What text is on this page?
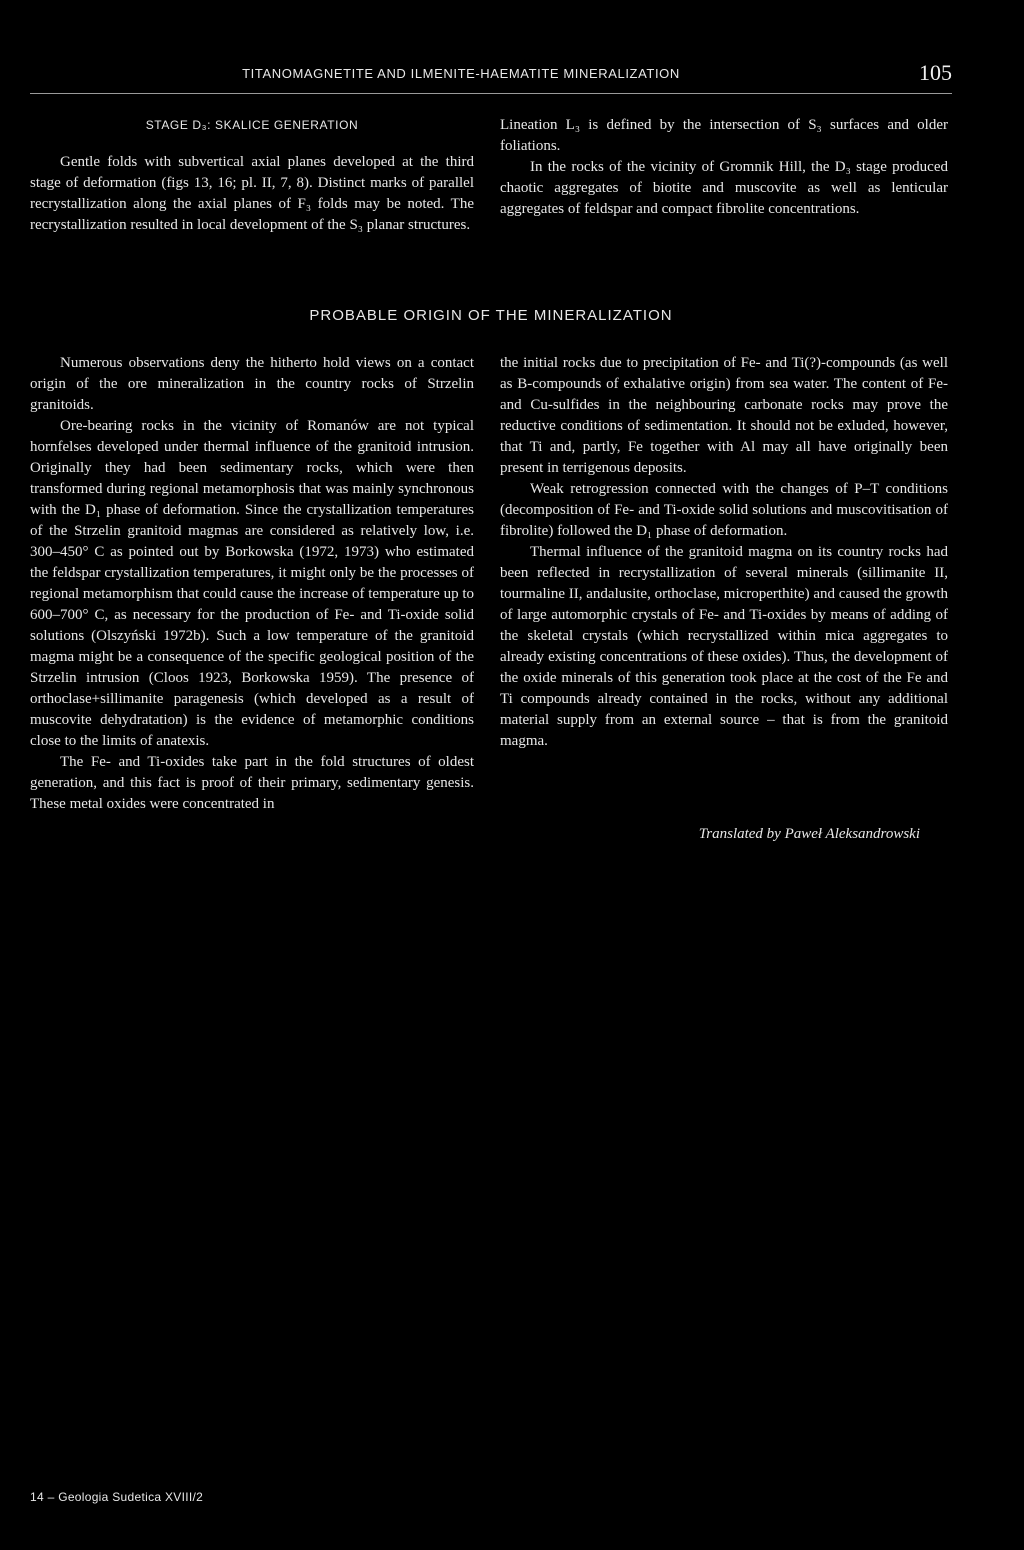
TITANOMAGNETITE AND ILMENITE-HAEMATITE MINERALIZATION	105
STAGE D₃: SKALICE GENERATION

Gentle folds with subvertical axial planes developed at the third stage of deformation (figs 13, 16; pl. II, 7, 8). Distinct marks of parallel recrystallization along the axial planes of F₃ folds may be noted. The recrystallization resulted in local development of the S₃ planar structures.

Lineation L₃ is defined by the intersection of S₃ surfaces and older foliations.

In the rocks of the vicinity of Gromnik Hill, the D₃ stage produced chaotic aggregates of biotite and muscovite as well as lenticular aggregates of feldspar and compact fibrolite concentrations.

PROBABLE ORIGIN OF THE MINERALIZATION

Numerous observations deny the hitherto hold views on a contact origin of the ore mineralization in the country rocks of Strzelin granitoids.

Ore-bearing rocks in the vicinity of Romanów are not typical hornfelses developed under thermal influence of the granitoid intrusion. Originally they had been sedimentary rocks, which were then transformed during regional metamorphosis that was mainly synchronous with the D₁ phase of deformation. Since the crystallization temperatures of the Strzelin granitoid magmas are considered as relatively low, i.e. 300–450° C as pointed out by Borkowska (1972, 1973) who estimated the feldspar crystallization temperatures, it might only be the processes of regional metamorphism that could cause the increase of temperature up to 600–700° C, as necessary for the production of Fe- and Ti-oxide solid solutions (Olszyński 1972b). Such a low temperature of the granitoid magma might be a consequence of the specific geological position of the Strzelin intrusion (Cloos 1923, Borkowska 1959). The presence of orthoclase+sillimanite paragenesis (which developed as a result of muscovite dehydratation) is the evidence of metamorphic conditions close to the limits of anatexis.

The Fe- and Ti-oxides take part in the fold structures of oldest generation, and this fact is proof of their primary, sedimentary genesis. These metal oxides were concentrated in

the initial rocks due to precipitation of Fe- and Ti(?)-compounds (as well as B-compounds of exhalative origin) from sea water. The content of Fe- and Cu-sulfides in the neighbouring carbonate rocks may prove the reductive conditions of sedimentation. It should not be exluded, however, that Ti and, partly, Fe together with Al may all have originally been present in terrigenous deposits.

Weak retrogression connected with the changes of P–T conditions (decomposition of Fe- and Ti-oxide solid solutions and muscovitisation of fibrolite) followed the D₁ phase of deformation.

Thermal influence of the granitoid magma on its country rocks had been reflected in recrystallization of several minerals (sillimanite II, tourmaline II, andalusite, orthoclase, microperthite) and caused the growth of large automorphic crystals of Fe- and Ti-oxides by means of adding of the skeletal crystals (which recrystallized within mica aggregates to already existing concentrations of these oxides). Thus, the development of the oxide minerals of this generation took place at the cost of the Fe and Ti compounds already contained in the rocks, without any additional material supply from an external source – that is from the granitoid magma.

Translated by Paweł Aleksandrowski
14 – Geologia Sudetica XVIII/2
